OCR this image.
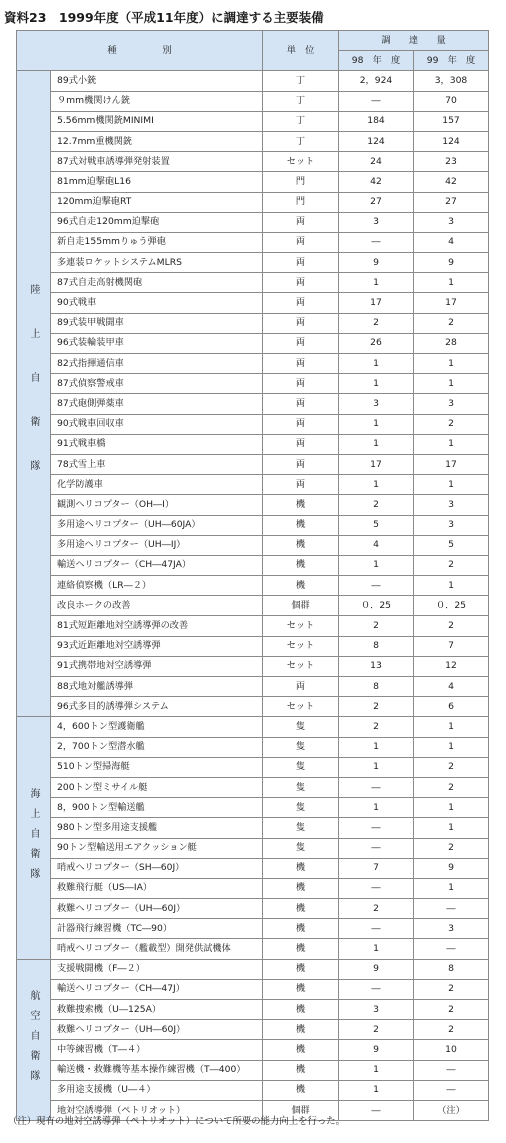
資料23　1999年度（平成11年度）に調達する主要装備
種　　　　　別		単　位	調　　達　　量	
			98　年　度	99　年　度
陸上自衛隊	89式小銃	丁	2，924	3，308
	９mm機関けん銃	丁	―	70
	5.56mm機関銃MINIMI	丁	184	157
	12.7mm重機関銃	丁	124	124
	87式対戦車誘導弾発射装置	セット	24	23
	81mm迫撃砲L16	門	42	42
	120mm迫撃砲RT	門	27	27
	96式自走120mm迫撃砲	両	3	3
	新自走155mmりゅう弾砲	両	―	4
	多連装ロケットシステムMLRS	両	9	9
	87式自走高射機関砲	両	1	1
	90式戦車	両	17	17
	89式装甲戦闘車	両	2	2
	96式装輪装甲車	両	26	28
	82式指揮通信車	両	1	1
	87式偵察警戒車	両	1	1
	87式砲側弾薬車	両	3	3
	90式戦車回収車	両	1	2
	91式戦車橋	両	1	1
	78式雪上車	両	17	17
	化学防護車	両	1	1
	観測ヘリコプター（OH―I）	機	2	3
	多用途ヘリコプター（UH―60JA）	機	5	3
	多用途ヘリコプター（UH―IJ）	機	4	5
	輸送ヘリコプター（CH―47JA）	機	1	2
	連絡偵察機（LR―２）	機	―	1
	改良ホークの改善	個群	０．25	０．25
	81式短距離地対空誘導弾の改善	セット	2	2
	93式近距離地対空誘導弾	セット	8	7
	91式携帯地対空誘導弾	セット	13	12
	88式地対艦誘導弾	両	8	4
	96式多目的誘導弾システム	セット	2	6
海上自衛隊	4，600トン型護衛艦	隻	2	1
	2，700トン型潜水艦	隻	1	1
	510トン型掃海艇	隻	1	2
	200トン型ミサイル艇	隻	―	2
	8，900トン型輸送艦	隻	1	1
	980トン型多用途支援艦	隻	―	1
	90トン型輸送用エアクッション艇	隻	―	2
	哨戒ヘリコプター（SH―60J）	機	7	9
	救難飛行艇（US―IA）	機	―	1
	救難ヘリコプター（UH―60J）	機	2	―
	計器飛行練習機（TC―90）	機	―	3
	哨戒ヘリコプター（艦載型）開発供試機体	機	1	―
航空自衛隊	支援戦闘機（F―２）	機	9	8
	輸送ヘリコプター（CH―47J）	機	―	2
	救難捜索機（U―125A）	機	3	2
	救難ヘリコプター（UH―60J）	機	2	2
	中等練習機（T―４）	機	9	10
	輸送機・救難機等基本操作練習機（T―400）	機	1	―
	多用途支援機（U―４）	機	1	―
	地対空誘導弾（ペトリオット）	個群	―	（注）
（注）現有の地対空誘導弾（ペトリオット）について所要の能力向上を行った。
